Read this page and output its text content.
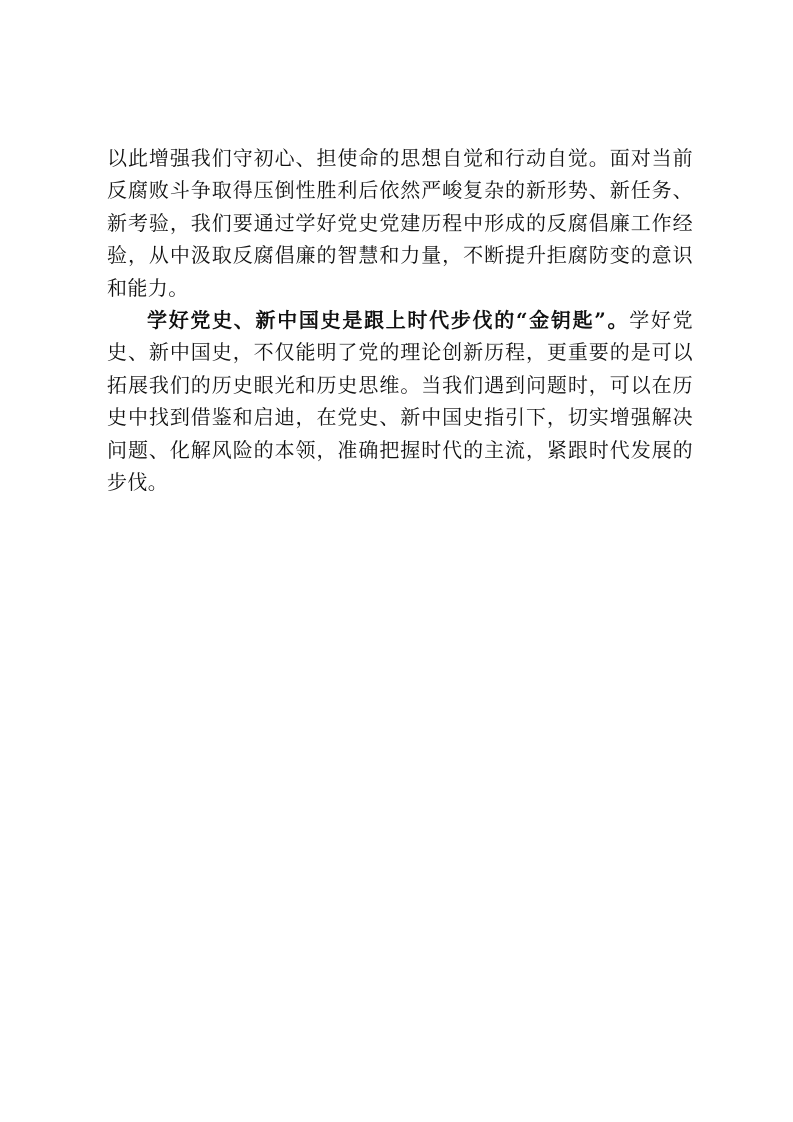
以此增强我们守初心、担使命的思想自觉和行动自觉。面对当前
反腐败斗争取得压倒性胜利后依然严峻复杂的新形势、新任务、
新考验，我们要通过学好党史党建历程中形成的反腐倡廉工作经
验，从中汲取反腐倡廉的智慧和力量，不断提升拒腐防变的意识
和能力。
学好党史、新中国史是跟上时代步伐的“金钥匙”。学好党
史、新中国史，不仅能明了党的理论创新历程，更重要的是可以
拓展我们的历史眼光和历史思维。当我们遇到问题时，可以在历
史中找到借鉴和启迪，在党史、新中国史指引下，切实增强解决
问题、化解风险的本领，准确把握时代的主流，紧跟时代发展的
步伐。
